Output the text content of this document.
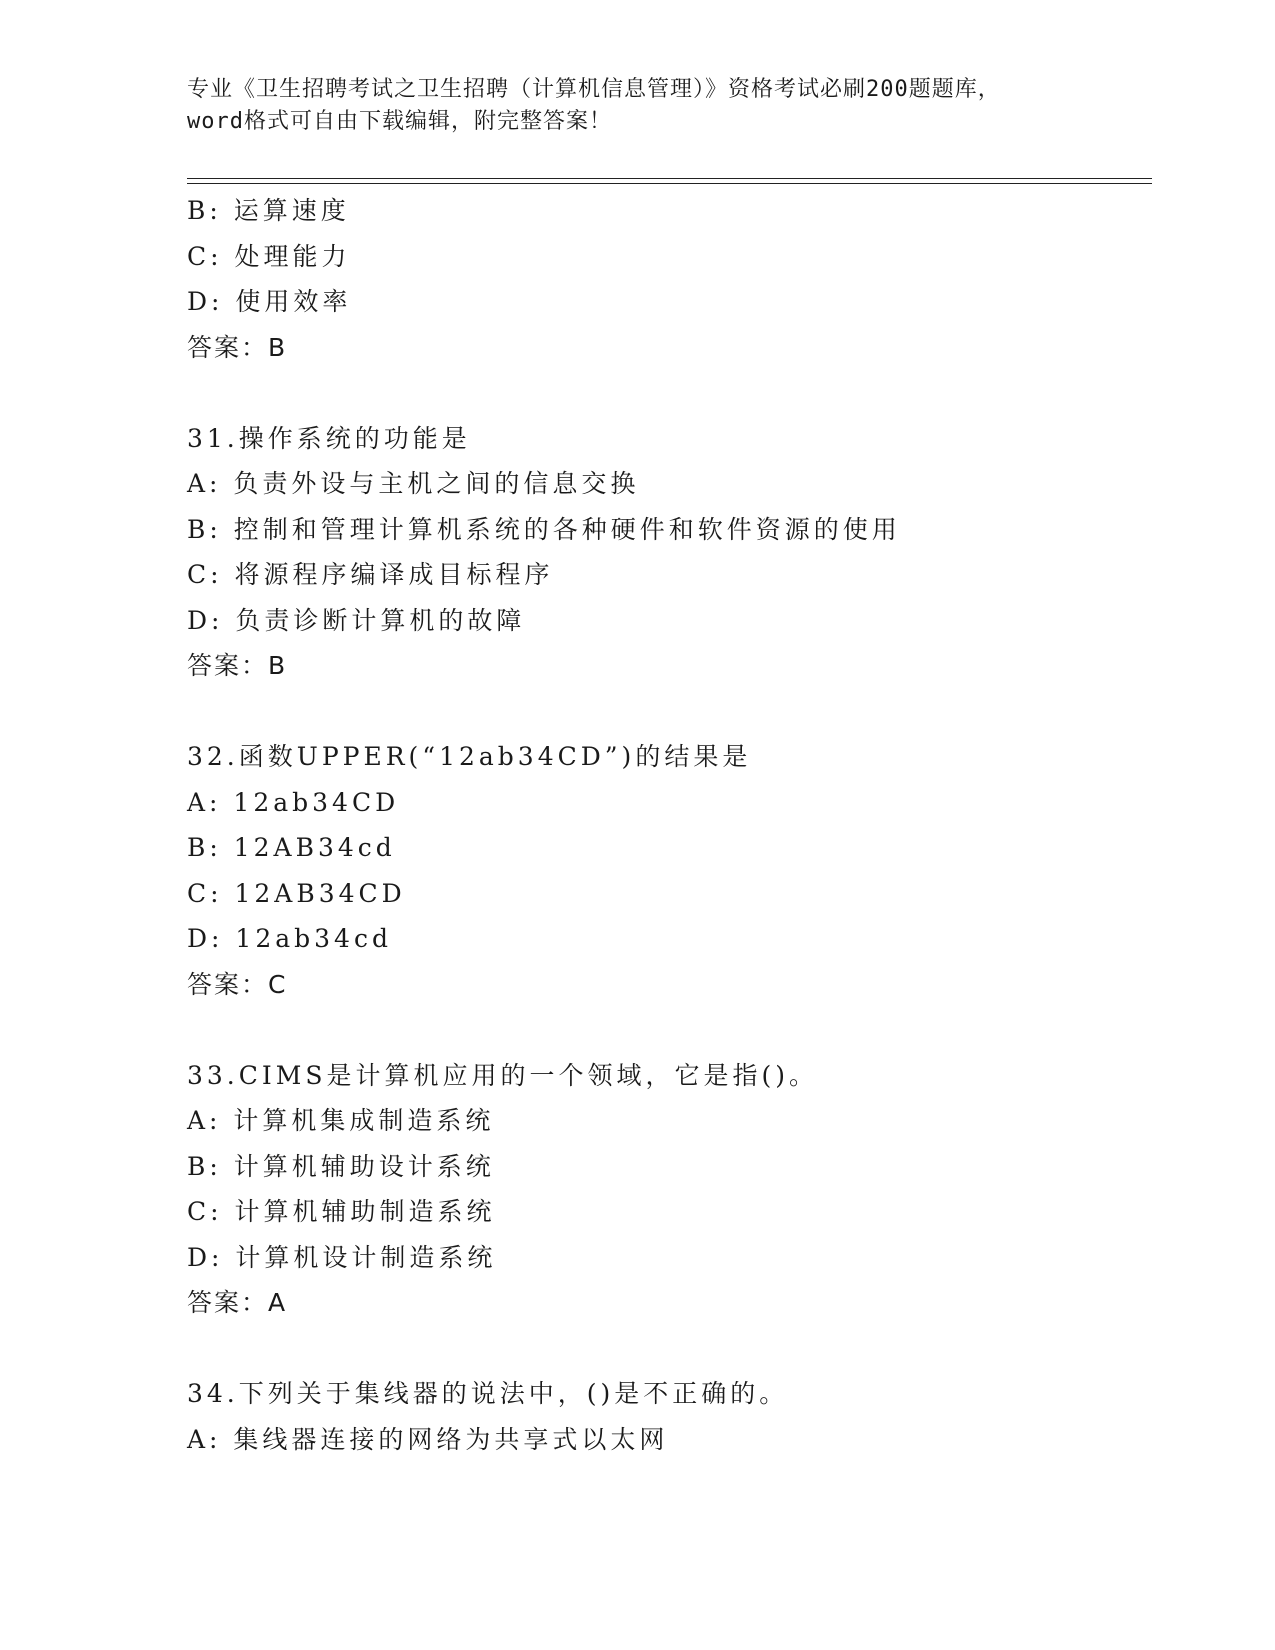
专业《卫生招聘考试之卫生招聘（计算机信息管理）》资格考试必刷200题题库，
word格式可自由下载编辑，附完整答案！
B: 运算速度
C: 处理能力
D: 使用效率
答案：B
31.操作系统的功能是
A: 负责外设与主机之间的信息交换
B: 控制和管理计算机系统的各种硬件和软件资源的使用
C: 将源程序编译成目标程序
D: 负责诊断计算机的故障
答案：B
32.函数UPPER(“12ab34CD”)的结果是
A: 12ab34CD
B: 12AB34cd
C: 12AB34CD
D: 12ab34cd
答案：C
33.CIMS是计算机应用的一个领域，它是指()。
A: 计算机集成制造系统
B: 计算机辅助设计系统
C: 计算机辅助制造系统
D: 计算机设计制造系统
答案：A
34.下列关于集线器的说法中，()是不正确的。
A: 集线器连接的网络为共享式以太网
